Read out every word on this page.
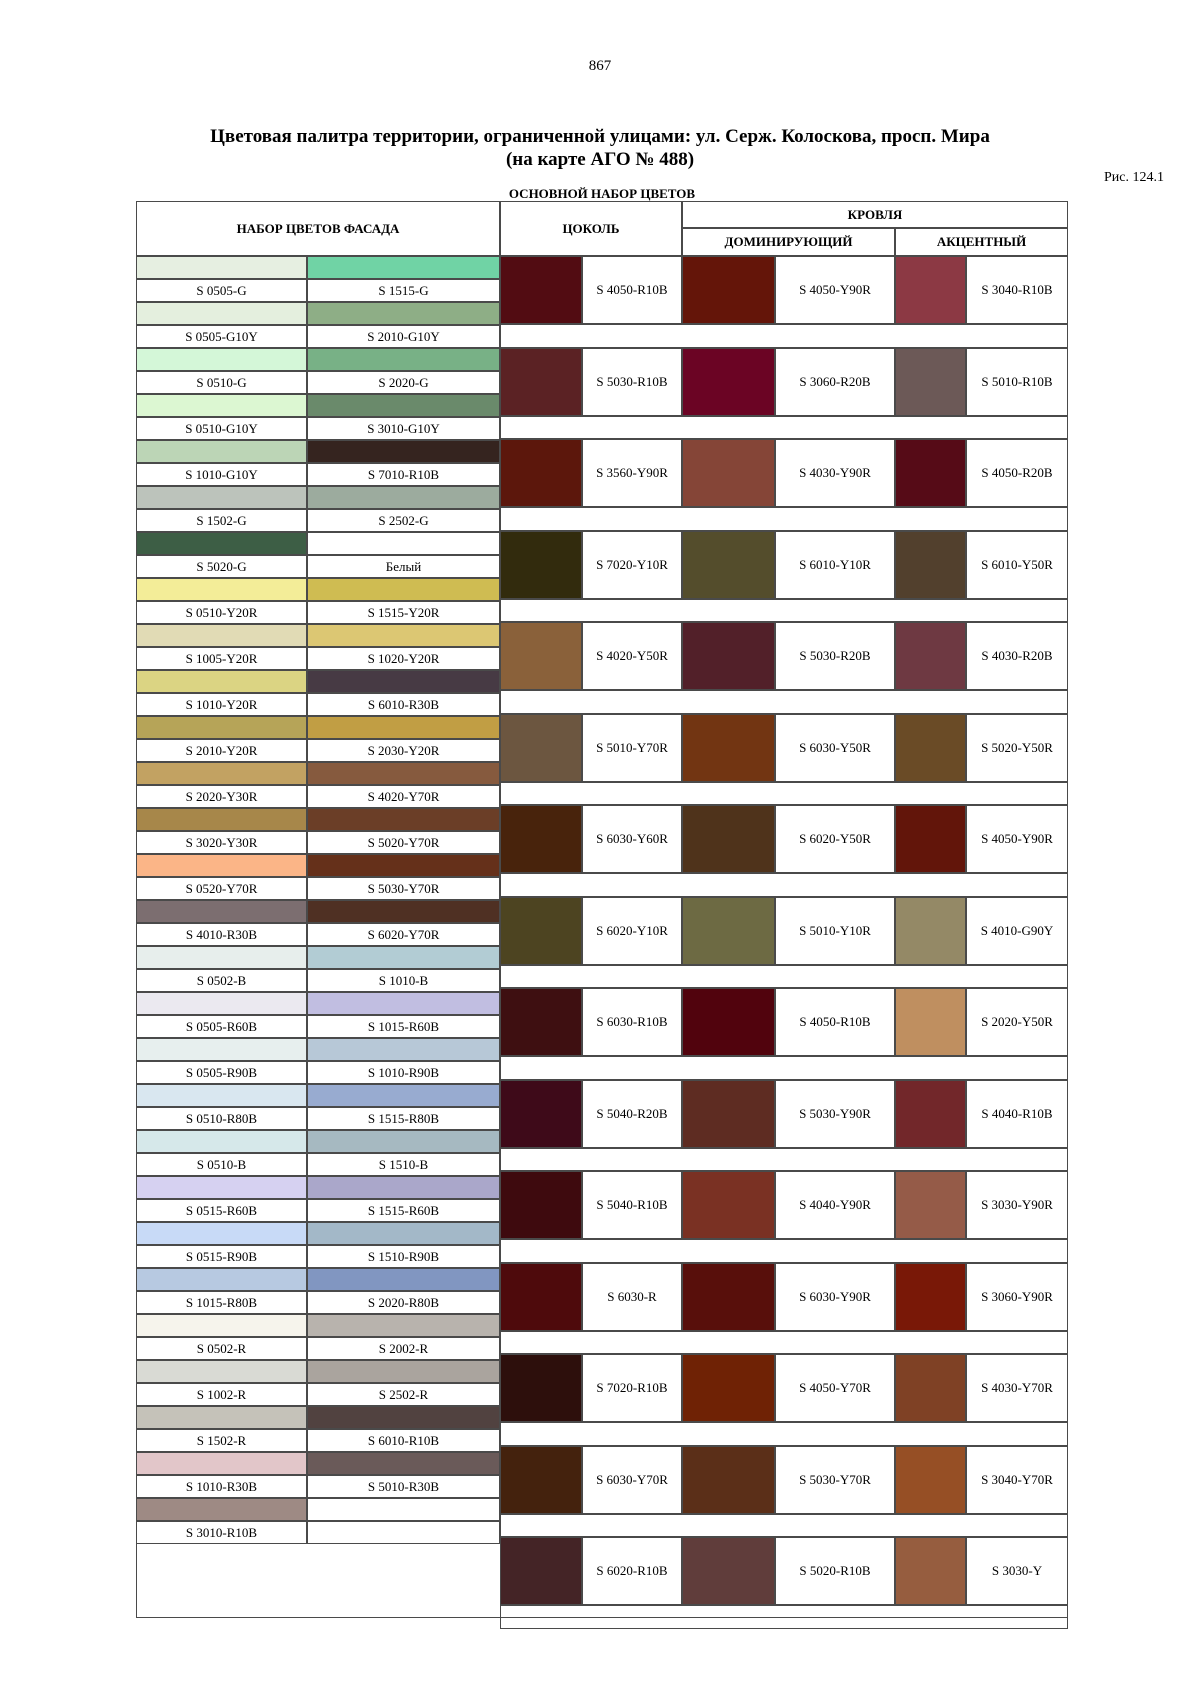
867
Цветовая палитра территории, ограниченной улицами: ул. Серж. Колоскова, просп. Мира
(на карте АГО № 488)
Рис. 124.1
ОСНОВНОЙ НАБОР ЦВЕТОВ
НАБОР ЦВЕТОВ ФАСАДА	ЦОКОЛЬ
КРОВЛЯ
ДОМИНИРУЮЩИЙ	АКЦЕНТНЫЙ
S 0505-G	S 1515-G
S 0505-G10Y	S 2010-G10Y
S 0510-G	S 2020-G
S 0510-G10Y	S 3010-G10Y
S 1010-G10Y	S 7010-R10B
S 1502-G	S 2502-G
S 5020-G	Белый
S 0510-Y20R	S 1515-Y20R
S 1005-Y20R	S 1020-Y20R
S 1010-Y20R	S 6010-R30B
S 2010-Y20R	S 2030-Y20R
S 2020-Y30R	S 4020-Y70R
S 3020-Y30R	S 5020-Y70R
S 0520-Y70R	S 5030-Y70R
S 4010-R30B	S 6020-Y70R
S 0502-B	S 1010-B
S 0505-R60B	S 1015-R60B
S 0505-R90B	S 1010-R90B
S 0510-R80B	S 1515-R80B
S 0510-B	S 1510-B
S 0515-R60B	S 1515-R60B
S 0515-R90B	S 1510-R90B
S 1015-R80B	S 2020-R80B
S 0502-R	S 2002-R
S 1002-R	S 2502-R
S 1502-R	S 6010-R10B
S 1010-R30B	S 5010-R30B
S 3010-R10B
S 4050-R10B	S 4050-Y90R	S 3040-R10B
S 5030-R10B	S 3060-R20B	S 5010-R10B
S 3560-Y90R	S 4030-Y90R	S 4050-R20B
S 7020-Y10R	S 6010-Y10R	S 6010-Y50R
S 4020-Y50R	S 5030-R20B	S 4030-R20B
S 5010-Y70R	S 6030-Y50R	S 5020-Y50R
S 6030-Y60R	S 6020-Y50R	S 4050-Y90R
S 6020-Y10R	S 5010-Y10R	S 4010-G90Y
S 6030-R10B	S 4050-R10B	S 2020-Y50R
S 5040-R20B	S 5030-Y90R	S 4040-R10B
S 5040-R10B	S 4040-Y90R	S 3030-Y90R
S 6030-R	S 6030-Y90R	S 3060-Y90R
S 7020-R10B	S 4050-Y70R	S 4030-Y70R
S 6030-Y70R	S 5030-Y70R	S 3040-Y70R
S 6020-R10B	S 5020-R10B	S 3030-Y
